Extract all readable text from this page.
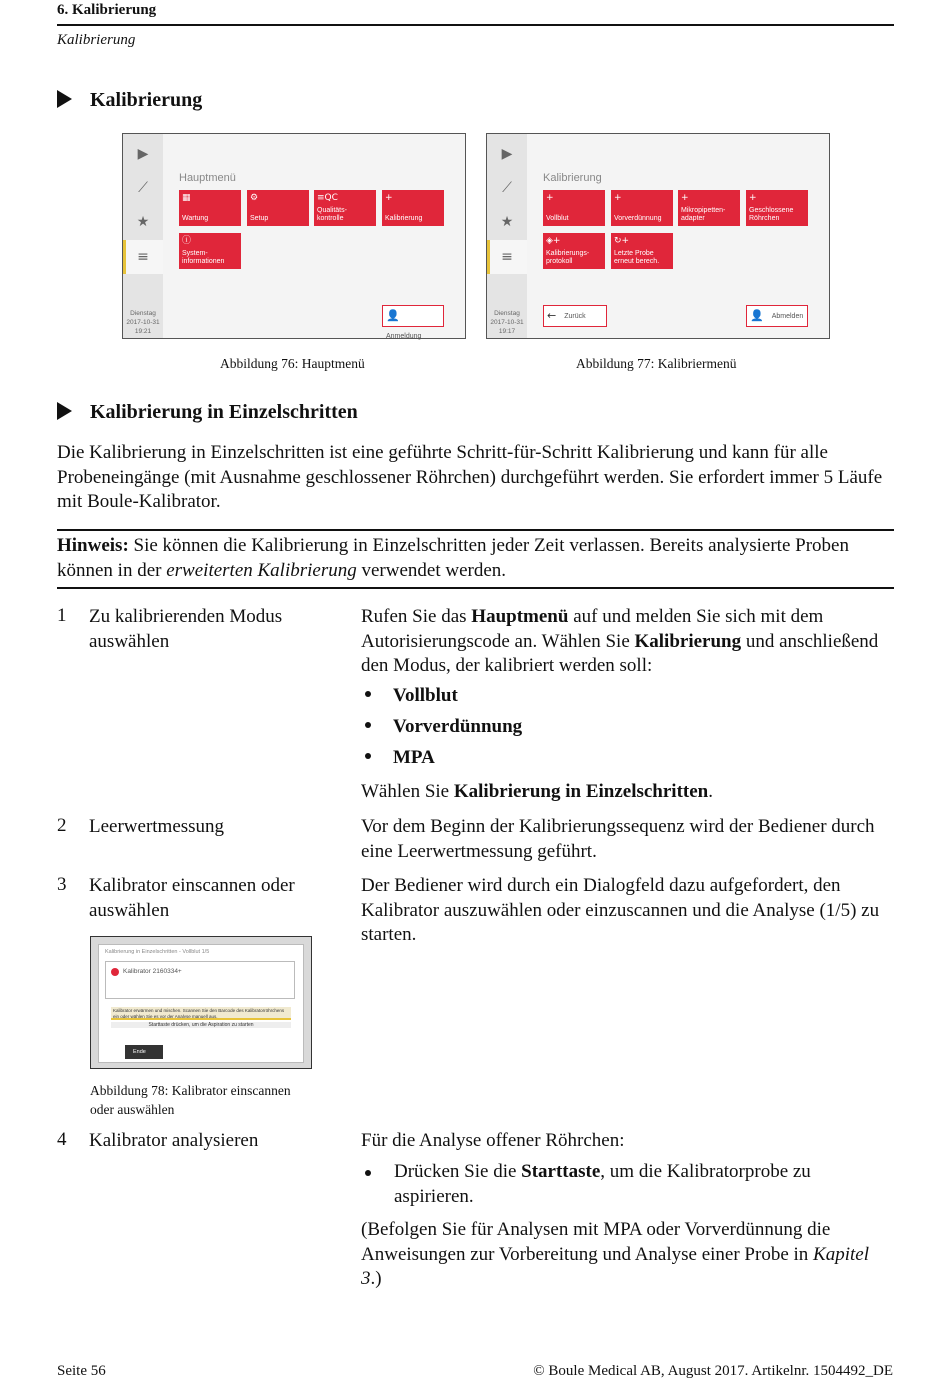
6. Kalibrierung
Kalibrierung
Kalibrierung
▶
⟋
★
≡
Dienstag
2017-10-31
19:21
Hauptmenü
▦
Wartung
⚙
Setup
≡QC
Qualitäts-
kontrolle
+
Kalibrierung
ⓘ
System-
informationen
👤Anmeldung
Abbildung 76: Hauptmenü
▶
⟋
★
≡
Dienstag
2017-10-31
19:17
Kalibrierung
+
Vollblut
+
Vorverdünnung
+
Mikropipetten-
adapter
+
Geschlossene
Röhrchen
◈+
Kalibrierungs-
protokoll
↻+
Letzte Probe
erneut berech.
← Zurück	👤 Abmelden
Abbildung 77: Kalibriermenü
Kalibrierung in Einzelschritten
Die Kalibrierung in Einzelschritten ist eine geführte Schritt-für-Schritt Kalibrierung und kann für alle Probeneingänge (mit Ausnahme geschlossener Röhrchen) durchgeführt werden. Sie erfordert immer 5 Läufe mit Boule-Kalibrator.
Hinweis: Sie können die Kalibrierung in Einzelschritten jeder Zeit verlassen. Bereits analysierte Proben können in der erweiterten Kalibrierung verwendet werden.
1 Zu kalibrierenden Modus auswählen
Rufen Sie das Hauptmenü auf und melden Sie sich mit dem Autorisierungscode an. Wählen Sie Kalibrierung und anschließend den Modus, der kalibriert werden soll:
Vollblut
Vorverdünnung
MPA
Wählen Sie Kalibrierung in Einzelschritten.
2 Leerwertmessung	Vor dem Beginn der Kalibrierungssequenz wird der Bediener durch eine Leerwertmessung geführt.
3 Kalibrator einscannen oder auswählen
Der Bediener wird durch ein Dialogfeld dazu aufgefordert, den Kalibrator auszuwählen oder einzuscannen und die Analyse (1/5) zu starten.
Kalibrierung in Einzelschritten - Vollblut 1/5
Kalibrator 2160334+
Kalibrator erwärmen und mischen. Scannen Sie den Barcode des Kalibratorröhrchens ein oder wählen Sie es vor der Analyse manuell aus.
Starttaste drücken, um die Aspiration zu starten
Ende
Abbildung 78: Kalibrator einscannen oder auswählen
4 Kalibrator analysieren	Für die Analyse offener Röhrchen:
Drücken Sie die Starttaste, um die Kalibratorprobe zu aspirieren.
(Befolgen Sie für Analysen mit MPA oder Vorverdünnung die Anweisungen zur Vorbereitung und Analyse einer Probe in Kapitel 3.)
Seite 56	© Boule Medical AB, August 2017. Artikelnr. 1504492_DE
